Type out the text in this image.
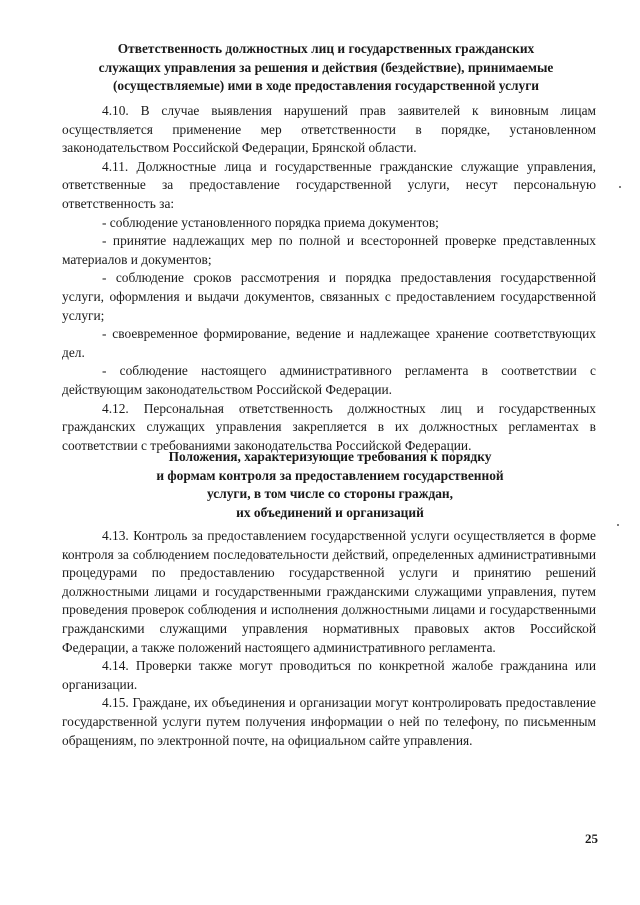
Ответственность должностных лиц и государственных гражданских
служащих управления за решения и действия (бездействие), принимаемые
(осуществляемые) ими в ходе предоставления государственной услуги

4.10. В случае выявления нарушений прав заявителей к виновным лицам осуществляется применение мер ответственности в порядке, установленном законодательством Российской Федерации, Брянской области.

4.11. Должностные лица и государственные гражданские служащие управления, ответственные за предоставление государственной услуги, несут персональную ответственность за:

- соблюдение установленного порядка приема документов;

- принятие надлежащих мер по полной и всесторонней проверке представленных материалов и документов;

- соблюдение сроков рассмотрения и порядка предоставления государственной услуги, оформления и выдачи документов, связанных с предоставлением государственной услуги;

- своевременное формирование, ведение и надлежащее хранение соответствующих дел.

- соблюдение настоящего административного регламента в соответствии с действующим законодательством Российской Федерации.

4.12. Персональная ответственность должностных лиц и государственных гражданских служащих управления закрепляется в их должностных регламентах в соответствии с требованиями законодательства Российской Федерации.

Положения, характеризующие требования к порядку
и формам контроля за предоставлением государственной
услуги, в том числе со стороны граждан,
их объединений и организаций

4.13. Контроль за предоставлением государственной услуги осуществляется в форме контроля за соблюдением последовательности действий, определенных административными процедурами по предоставлению государственной услуги и принятию решений должностными лицами и государственными гражданскими служащими управления, путем проведения проверок соблюдения и исполнения должностными лицами и государственными гражданскими служащими управления нормативных правовых актов Российской Федерации, а также положений настоящего административного регламента.

4.14. Проверки также могут проводиться по конкретной жалобе гражданина или организации.

4.15. Граждане, их объединения и организации могут контролировать предоставление государственной услуги путем получения информации о ней по телефону, по письменным обращениям, по электронной почте, на официальном сайте управления.

25
